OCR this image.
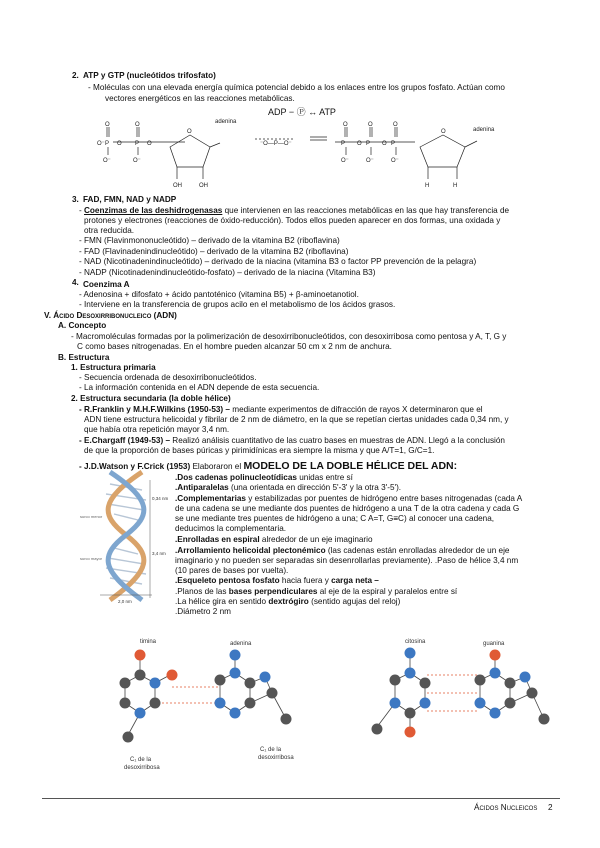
2. ATP y GTP (nucleótidos trifosfato)
- Moléculas con una elevada energía química potencial debido a los enlaces entre los grupos fosfato. Actúan como
vectores energéticos en las reacciones metabólicas.
ADP − Ⓟ ↔ ATP
O	O
O⁻ P O P O
O⁻	O⁻
O
OH	OH
⁻O—P—O⁻
O	O	O
P O P O P
O⁻	O⁻	O⁻
O
H	H
adenina
adenina
3. FAD, FMN, NAD y NADP
- Coenzimas de las deshidrogenasas que intervienen en las reacciones metabólicas en las que hay transferencia de
protones y electrones (reacciones de óxido-reducción). Todos ellos pueden aparecer en dos formas, una oxidada y
otra reducida.
- FMN (Flavinmononucleótido) – derivado de la vitamina B2 (riboflavina)
- FAD (Flavinadenindinucleótido) – derivado de la vitamina B2 (riboflavina)
- NAD (Nicotinadenindinucleótido) – derivado de la niacina (vitamina B3 o factor PP prevención de la pelagra)
- NADP (Nicotinadenindinucleótido-fosfato) – derivado de la niacina (Vitamina B3)
4. Coenzima A
- Adenosina + difosfato + ácido pantoténico (vitamina B5) + β-aminoetanotiol.
- Interviene en la transferencia de grupos acilo en el metabolismo de los ácidos grasos.
V. Ácido Desoxirribonucleico (ADN)
A. Concepto
- Macromoléculas formadas por la polimerización de desoxirribonucleótidos, con desoxirribosa como pentosa y A, T, G y
C como bases nitrogenadas. En el hombre pueden alcanzar 50 cm x 2 nm de anchura.
B. Estructura
1. Estructura primaria
- Secuencia ordenada de desoxirribonucleótidos.
- La información contenida en el ADN depende de esta secuencia.
2. Estructura secundaria (la doble hélice)
- R.Franklin y M.H.F.Wilkins (1950-53) – mediante experimentos de difracción de rayos X determinaron que el
ADN tiene estructura helicoidal y fibrilar de 2 nm de diámetro, en la que se repetían ciertas unidades cada 0,34 nm, y
que había otra repetición mayor 3,4 nm.
- E.Chargaff (1949-53) – Realizó análisis cuantitativo de las cuatro bases en muestras de ADN. Llegó a la conclusión
de que la proporción de bases púricas y pirimidínicas era siempre la misma y que A/T=1, G/C=1.
- J.D.Watson y F.Crick (1953) Elaboraron el MODELO DE LA DOBLE HÉLICE DEL ADN:
.Dos cadenas polinucleotídicas unidas entre sí
.Antiparalelas (una orientada en dirección 5'-3' y la otra 3'-5').
.Complementarias y estabilizadas por puentes de hidrógeno entre bases nitrogenadas (cada A
de una cadena se une mediante dos puentes de hidrógeno a una T de la otra cadena y cada G
se une mediante tres puentes de hidrógeno a una; C A=T, G≡C) al conocer una cadena,
deducimos la complementaria.
.Enrolladas en espiral alrededor de un eje imaginario
.Arrollamiento helicoidal plectonémico (las cadenas están enrolladas alrededor de un eje
imaginario y no pueden ser separadas sin desenrollarlas previamente). .Paso de hélice 3,4 nm
(10 pares de bases por vuelta).
.Esqueleto pentosa fosfato hacia fuera y carga neta –
.Planos de las bases perpendiculares al eje de la espiral y paralelos entre sí
.La hélice gira en sentido dextrógiro (sentido agujas del reloj)
.Diámetro 2 nm
0,34 nm
3,4 nm
2,0 nm
surco menor
surco mayor
timina	adenina
C₁ de la
desoxirribosa
C₁ de la
desoxirribosa
citosina	guanina
Ácidos Nucleicos 2
